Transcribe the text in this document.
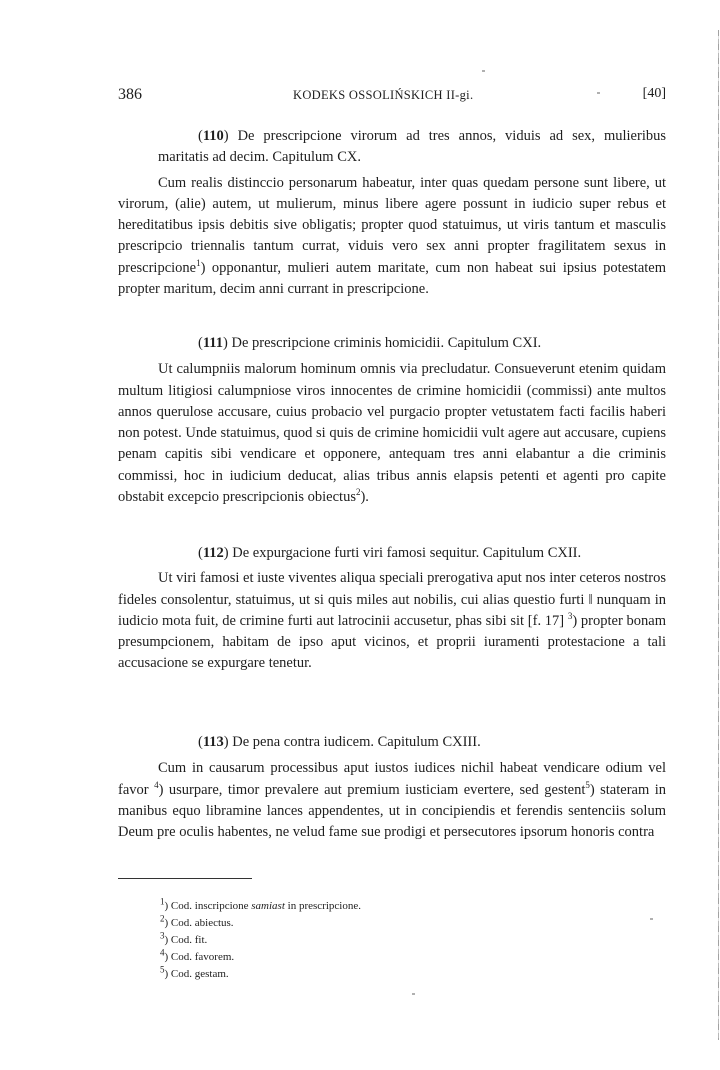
386	KODEKS OSSOLIŃSKICH II-gi.	[40]

(110) De prescripcione virorum ad tres annos, viduis ad sex, mulieribus maritatis ad decim. Capitulum CX.

Cum realis distinccio personarum habeatur, inter quas quedam persone sunt libere, ut virorum, (alie) autem, ut mulierum, minus libere agere possunt in iudicio super rebus et hereditatibus ipsis debitis sive obligatis; propter quod statuimus, ut viris tantum et masculis prescripcio triennalis tantum currat, viduis vero sex anni propter fragilitatem sexus in prescripcione$^1$) opponantur, mulieri autem maritate, cum non habeat sui ipsius potestatem propter maritum, decim anni currant in prescripcione.

(111) De prescripcione criminis homicidii. Capitulum CXI.

Ut calumpniis malorum hominum omnis via precludatur. Consueverunt etenim quidam multum litigiosi calumpniose viros innocentes de crimine homicidii (commissi) ante multos annos querulose accusare, cuius probacio vel purgacio propter vetustatem facti facilis haberi non potest. Unde statuimus, quod si quis de crimine homicidii vult agere aut accusare, cupiens penam capitis sibi vendicare et opponere, antequam tres anni elabantur a die criminis commissi, hoc in iudicium deducat, alias tribus annis elapsis petenti et agenti pro capite obstabit excepcio prescripcionis obiectus$^2$).

(112) De expurgacione furti viri famosi sequitur. Capitulum CXII.

Ut viri famosi et iuste viventes aliqua speciali prerogativa aput nos inter ceteros nostros fideles consolentur, statuimus, ut si quis miles aut nobilis, cui alias questio furti ‖ nunquam in iudicio mota fuit, de crimine furti aut latrocinii accusetur, phas sibi sit [f. 17] $^3$) propter bonam presumpcionem, habitam de ipso aput vicinos, et proprii iuramenti protestacione a tali accusacione se expurgare tenetur.

(113) De pena contra iudicem. Capitulum CXIII.

Cum in causarum processibus aput iustos iudices nichil habeat vendicare odium vel favor $^4$) usurpare, timor prevalere aut premium iusticiam evertere, sed gestent$^5$) stateram in manibus equo libramine lances appendentes, ut in concipiendis et ferendis sentenciis solum Deum pre oculis habentes, ne velud fame sue prodigi et persecutores ipsorum honoris contra

$^1$) Cod. inscripcione samiast in prescripcione.
$^2$) Cod. abiectus.
$^3$) Cod. fit.
$^4$) Cod. favorem.
$^5$) Cod. gestam.
